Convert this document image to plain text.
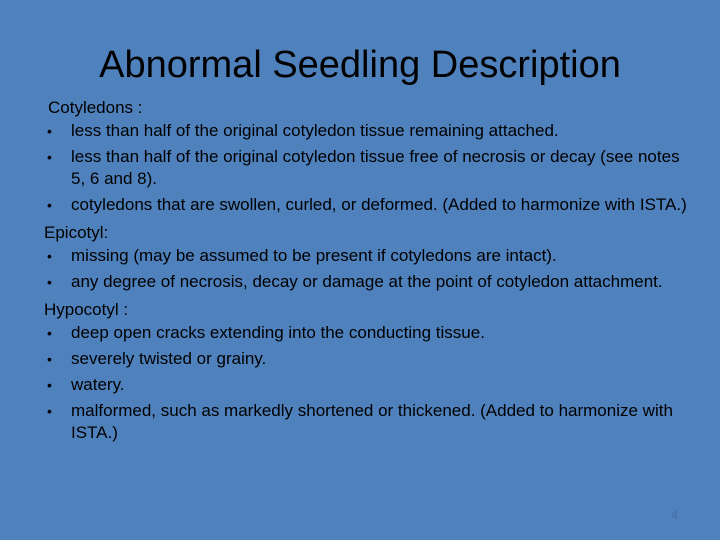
Abnormal Seedling Description
Cotyledons :
• less than half of the original cotyledon tissue remaining attached.
• less than half of the original cotyledon tissue free of necrosis or decay (see notes 5, 6 and 8).
• cotyledons that are swollen, curled, or deformed. (Added to harmonize with ISTA.)
Epicotyl:
• missing (may be assumed to be present if cotyledons are intact).
• any degree of necrosis, decay or damage at the point of cotyledon attachment.
Hypocotyl :
• deep open cracks extending into the conducting tissue.
• severely twisted or grainy.
• watery.
• malformed, such as markedly shortened or thickened. (Added to harmonize with ISTA.)
4
